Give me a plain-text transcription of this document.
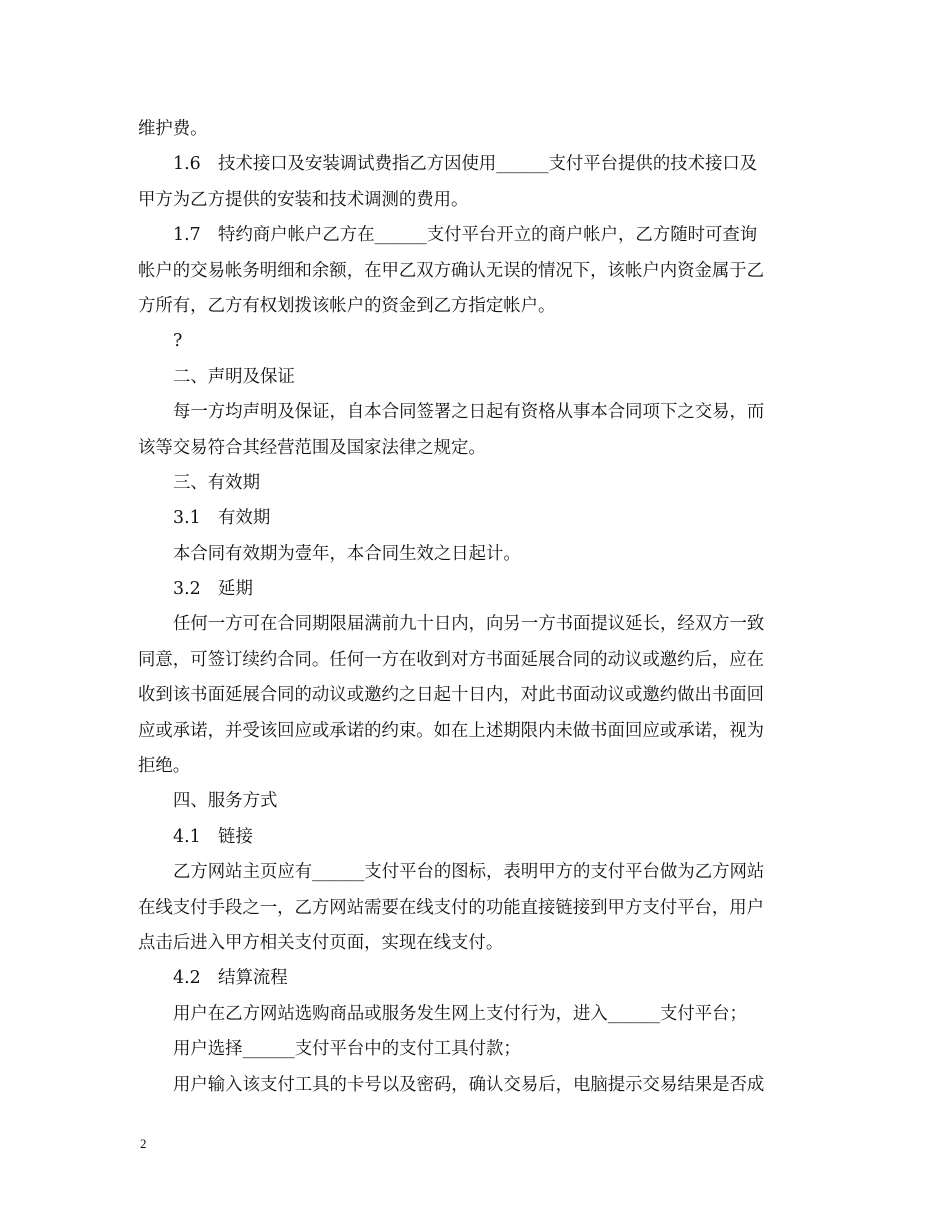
维护费。
1.6　技术接口及安装调试费指乙方因使用______支付平台提供的技术接口及
甲方为乙方提供的安装和技术调测的费用。
1.7　特约商户帐户乙方在______支付平台开立的商户帐户，乙方随时可查询
帐户的交易帐务明细和余额，在甲乙双方确认无误的情况下，该帐户内资金属于乙
方所有，乙方有权划拨该帐户的资金到乙方指定帐户。
?
二、声明及保证
每一方均声明及保证，自本合同签署之日起有资格从事本合同项下之交易，而
该等交易符合其经营范围及国家法律之规定。
三、有效期
3.1　有效期
本合同有效期为壹年，本合同生效之日起计。
3.2　延期
任何一方可在合同期限届满前九十日内，向另一方书面提议延长，经双方一致
同意，可签订续约合同。任何一方在收到对方书面延展合同的动议或邀约后，应在
收到该书面延展合同的动议或邀约之日起十日内，对此书面动议或邀约做出书面回
应或承诺，并受该回应或承诺的约束。如在上述期限内未做书面回应或承诺，视为
拒绝。
四、服务方式
4.1　链接
乙方网站主页应有______支付平台的图标，表明甲方的支付平台做为乙方网站
在线支付手段之一，乙方网站需要在线支付的功能直接链接到甲方支付平台，用户
点击后进入甲方相关支付页面，实现在线支付。
4.2　结算流程
用户在乙方网站选购商品或服务发生网上支付行为，进入______支付平台；
用户选择______支付平台中的支付工具付款；
用户输入该支付工具的卡号以及密码，确认交易后，电脑提示交易结果是否成
2
